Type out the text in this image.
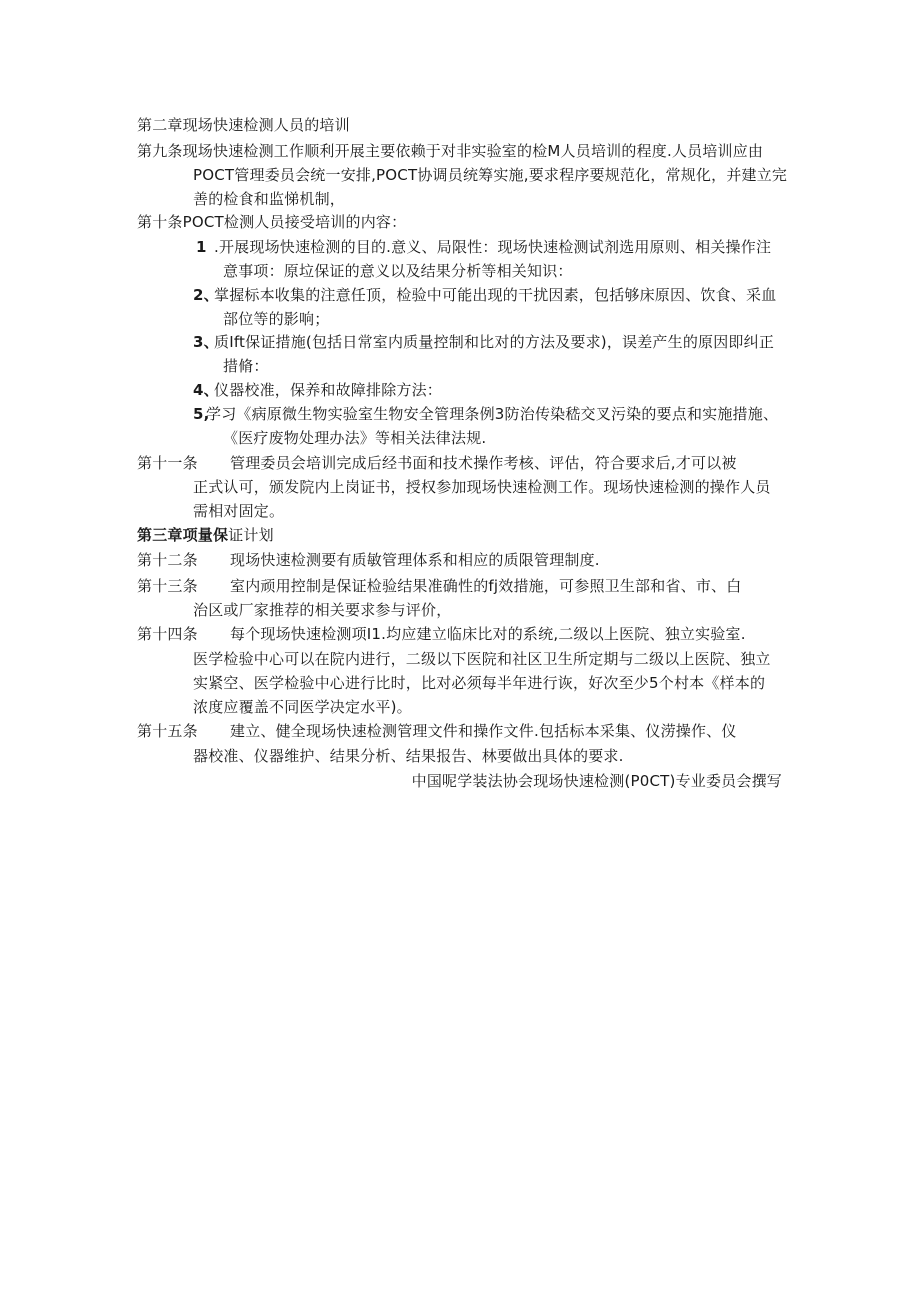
第二章现场快速检测人员的培训
第九条现场快速检测工作顺利开展主要依赖于对非实验室的检M人员培训的程度.人员培训应由
POCT管理委员会统一安排,POCT协调员统筹实施,要求程序要规范化，常规化，并建立完
善的检食和监悌机制，
第十条POCT检测人员接受培训的内容：
1 .开展现场快速检测的目的.意义、局限性：现场快速检测试剂选用原则、相关操作注
意事项：原垃保证的意义以及结果分析等相关知识：
2、
掌握标本收集的注意任顶，检验中可能出现的干扰因素，包括够床原因、饮食、采血
部位等的影响；
3、
质Ift保证措施(包括日常室内质量控制和比对的方法及要求)，误差产生的原因即纠正
措脩：
4、
仪器校准，保养和故障排除方法：
5,
学习《病原微生物实验室生物安全管理条例3防治传染嵇交叉污染的要点和实施措施、
《医疗废物处理办法》等相关法律法规.
第十一条 管理委员会培训完成后经书面和技术操作考核、评估，符合要求后,才可以被
正式认可，颁发院内上岗证书，授权参加现场快速检测工作。现场快速检测的操作人员
需相对固定。
第三章项量保证计划
第十二条 现场快速检测要有质敏管理体系和相应的质限管理制度.
第十三条 室内顽用控制是保证检验结果准确性的fj效措施，可参照卫生部和省、市、白
治区或厂家推荐的相关要求参与评价，
第十四条 每个现场快速检测项I1.均应建立临床比对的系统,二级以上医院、独立实验室.
医学检验中心可以在院内进行，二级以下医院和社区卫生所定期与二级以上医院、独立
实紧空、医学检验中心进行比时，比对必须每半年进行诙，好次至少5个村本《样本的
浓度应覆盖不同医学决定水平)。
第十五条 建立、健全现场快速检测管理文件和操作文件.包括标本采集、仪涝操作、仪
器校准、仪器维护、结果分析、结果报告、林要做出具体的要求.
中国呢学装法协会现场快速检测(P0CT)专业委员会撰写
